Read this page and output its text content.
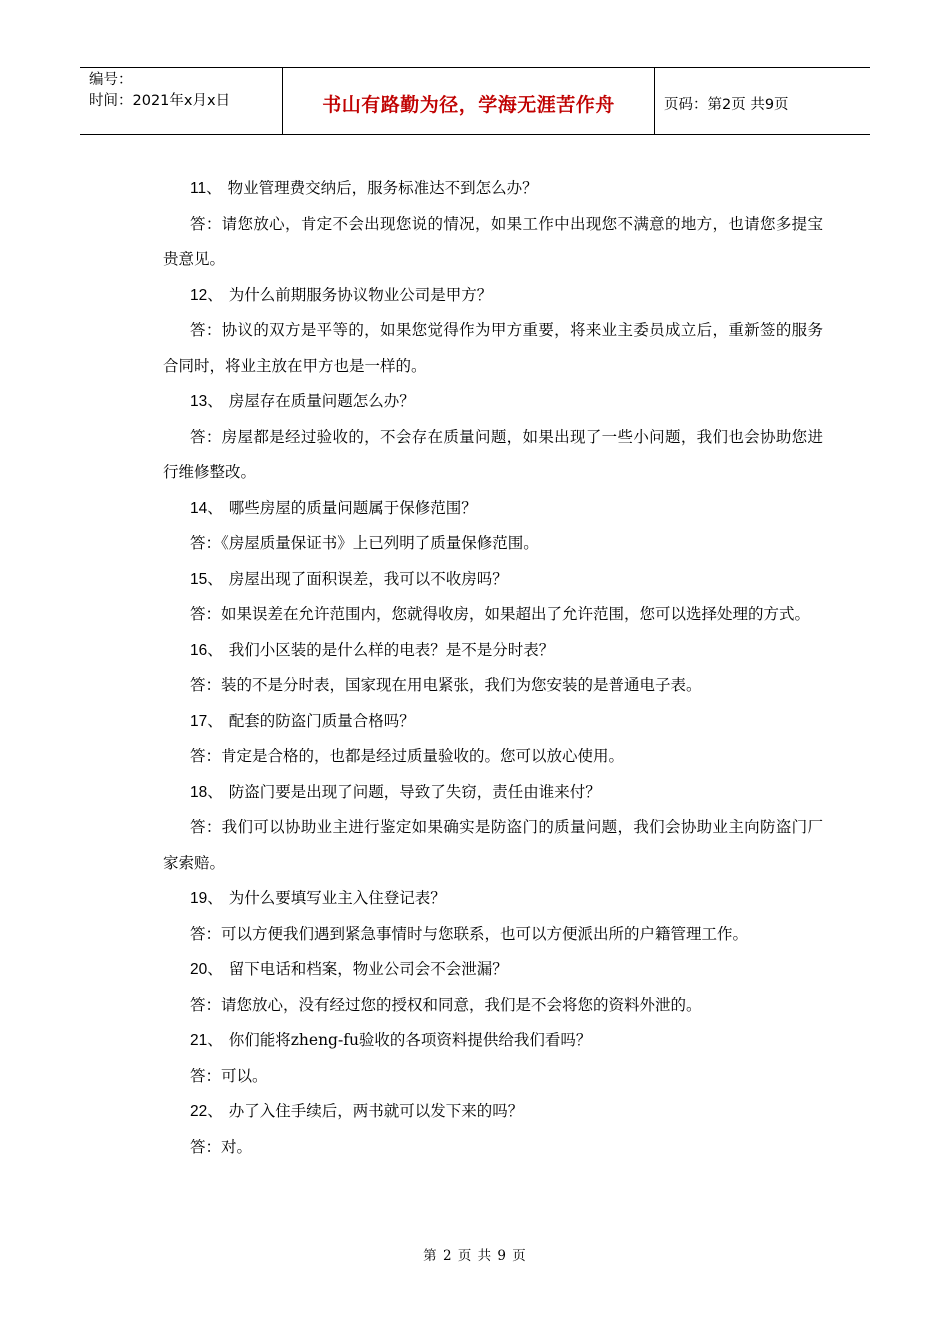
编号：
时间：2021年x月x日	书山有路勤为径，学海无涯苦作舟	页码：第2页 共9页

11、 物业管理费交纳后，服务标准达不到怎么办？

答：请您放心，肯定不会出现您说的情况，如果工作中出现您不满意的地方，也请您多提宝贵意见。

12、 为什么前期服务协议物业公司是甲方？

答：协议的双方是平等的，如果您觉得作为甲方重要，将来业主委员成立后，重新签的服务合同时，将业主放在甲方也是一样的。

13、 房屋存在质量问题怎么办？

答：房屋都是经过验收的，不会存在质量问题，如果出现了一些小问题，我们也会协助您进行维修整改。

14、 哪些房屋的质量问题属于保修范围？

答：《房屋质量保证书》上已列明了质量保修范围。

15、 房屋出现了面积误差，我可以不收房吗？

答：如果误差在允许范围内，您就得收房，如果超出了允许范围，您可以选择处理的方式。

16、 我们小区装的是什么样的电表？是不是分时表？

答：装的不是分时表，国家现在用电紧张，我们为您安装的是普通电子表。

17、 配套的防盗门质量合格吗？

答：肯定是合格的，也都是经过质量验收的。您可以放心使用。

18、 防盗门要是出现了问题，导致了失窃，责任由谁来付？

答：我们可以协助业主进行鉴定如果确实是防盗门的质量问题，我们会协助业主向防盗门厂家索赔。

19、 为什么要填写业主入住登记表？

答：可以方便我们遇到紧急事情时与您联系，也可以方便派出所的户籍管理工作。

20、 留下电话和档案，物业公司会不会泄漏？

答：请您放心，没有经过您的授权和同意，我们是不会将您的资料外泄的。

21、 你们能将zheng-fu验收的各项资料提供给我们看吗？

答：可以。

22、 办了入住手续后，两书就可以发下来的吗？

答：对。

第 2 页 共 9 页
